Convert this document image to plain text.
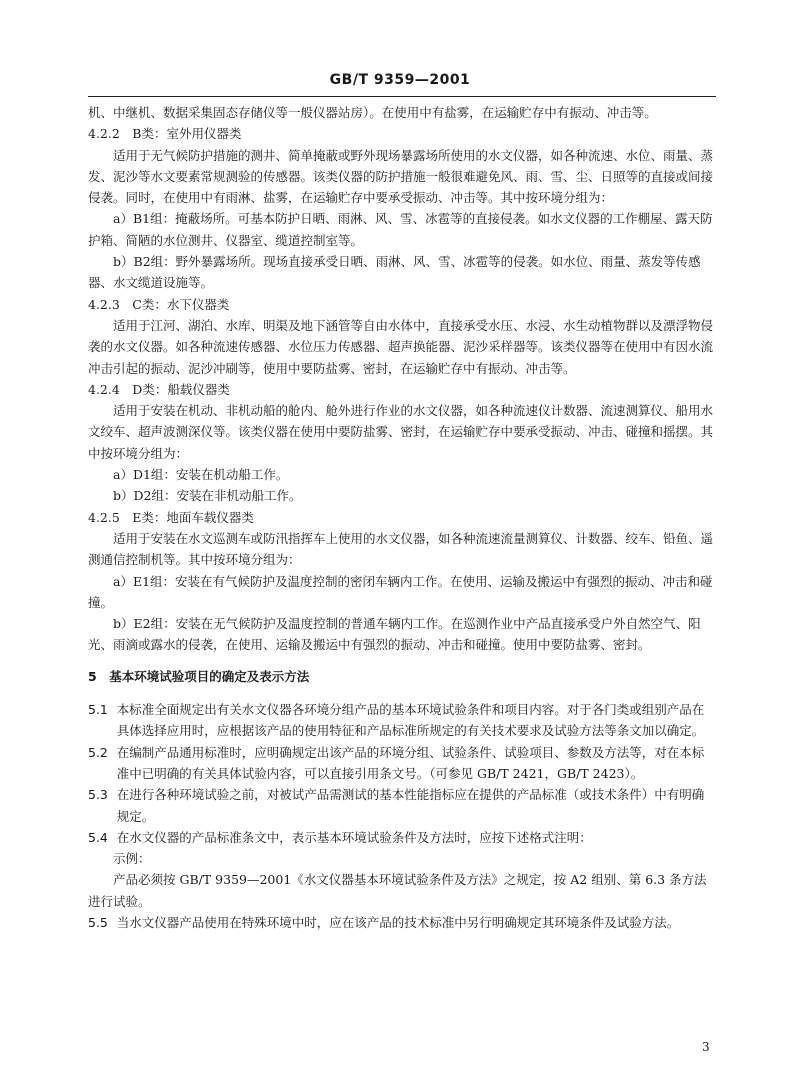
GB/T 9359—2001

机、中继机、数据采集固态存储仪等一般仪器站房）。在使用中有盐雾，在运输贮存中有振动、冲击等。

4.2.2　B类：室外用仪器类

适用于无气候防护措施的测井、简单掩蔽或野外现场暴露场所使用的水文仪器，如各种流速、水位、雨量、蒸发、泥沙等水文要素常规测验的传感器。该类仪器的防护措施一般很难避免风、雨、雪、尘、日照等的直接或间接侵袭。同时，在使用中有雨淋、盐雾，在运输贮存中要承受振动、冲击等。其中按环境分组为：

a）B1组：掩蔽场所。可基本防护日晒、雨淋、风、雪、冰雹等的直接侵袭。如水文仪器的工作棚屋、露天防护箱、简陋的水位测井、仪器室、缆道控制室等。

b）B2组：野外暴露场所。现场直接承受日晒、雨淋、风、雪、冰雹等的侵袭。如水位、雨量、蒸发等传感器、水文缆道设施等。

4.2.3　C类：水下仪器类

适用于江河、湖泊、水库、明渠及地下涵管等自由水体中，直接承受水压、水浸、水生动植物群以及漂浮物侵袭的水文仪器。如各种流速传感器、水位压力传感器、超声换能器、泥沙采样器等。该类仪器等在使用中有因水流冲击引起的振动、泥沙冲刷等，使用中要防盐雾、密封，在运输贮存中有振动、冲击等。

4.2.4　D类：船载仪器类

适用于安装在机动、非机动船的舱内、舱外进行作业的水文仪器，如各种流速仪计数器、流速测算仪、船用水文绞车、超声波测深仪等。该类仪器在使用中要防盐雾、密封，在运输贮存中要承受振动、冲击、碰撞和摇摆。其中按环境分组为：

a）D1组：安装在机动船工作。

b）D2组：安装在非机动船工作。

4.2.5　E类：地面车载仪器类

适用于安装在水文巡测车或防汛指挥车上使用的水文仪器，如各种流速流量测算仪、计数器、绞车、铅鱼、遥测通信控制机等。其中按环境分组为：

a）E1组：安装在有气候防护及温度控制的密闭车辆内工作。在使用、运输及搬运中有强烈的振动、冲击和碰撞。

b）E2组：安装在无气候防护及温度控制的普通车辆内工作。在巡测作业中产品直接承受户外自然空气、阳光、雨滴或露水的侵袭，在使用、运输及搬运中有强烈的振动、冲击和碰撞。使用中要防盐雾、密封。

5　基本环境试验项目的确定及表示方法

5.1 本标准全面规定出有关水文仪器各环境分组产品的基本环境试验条件和项目内容。对于各门类或组别产品在具体选择应用时，应根据该产品的使用特征和产品标准所规定的有关技术要求及试验方法等条文加以确定。

5.2 在编制产品通用标准时，应明确规定出该产品的环境分组、试验条件、试验项目、参数及方法等，对在本标准中已明确的有关具体试验内容，可以直接引用条文号。（可参见 GB/T 2421，GB/T 2423）。

5.3 在进行各种环境试验之前，对被试产品需测试的基本性能指标应在提供的产品标准（或技术条件）中有明确规定。

5.4 在水文仪器的产品标准条文中，表示基本环境试验条件及方法时，应按下述格式注明：

示例：

产品必须按 GB/T 9359—2001《水文仪器基本环境试验条件及方法》之规定，按 A2 组别、第 6.3 条方法进行试验。

5.5 当水文仪器产品使用在特殊环境中时，应在该产品的技术标准中另行明确规定其环境条件及试验方法。

3
